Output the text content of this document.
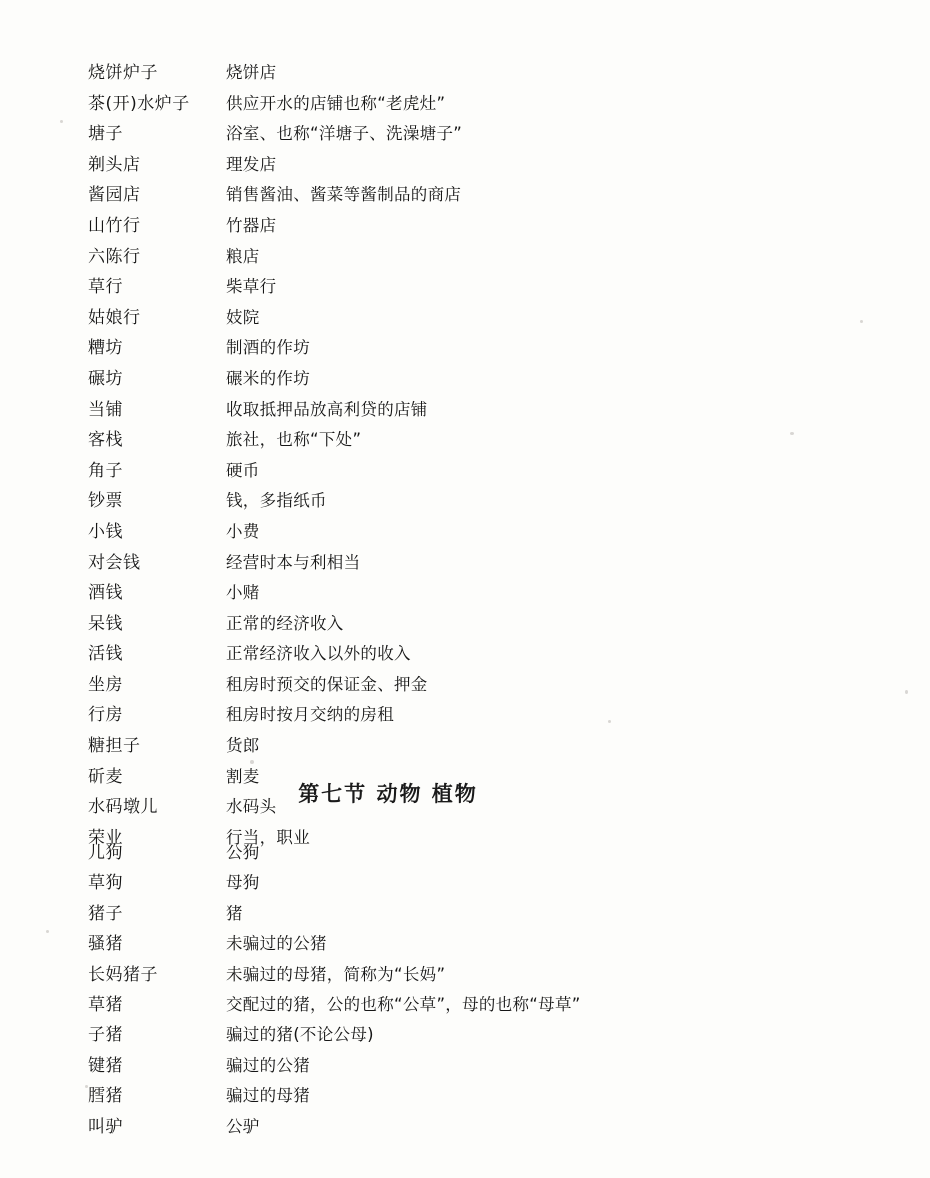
烧饼炉子	烧饼店
茶(开)水炉子	供应开水的店铺也称“老虎灶”
塘子	浴室、也称“洋塘子、洗澡塘子”
剃头店	理发店
酱园店	销售酱油、酱菜等酱制品的商店
山竹行	竹器店
六陈行	粮店
草行	柴草行
姑娘行	妓院
糟坊	制酒的作坊
碾坊	碾米的作坊
当铺	收取抵押品放高利贷的店铺
客栈	旅社，也称“下处”
角子	硬币
钞票	钱，多指纸币
小钱	小费
对会钱	经营时本与利相当
酒钱	小赌
呆钱	正常的经济收入
活钱	正常经济收入以外的收入
坐房	租房时预交的保证金、押金
行房	租房时按月交纳的房租
糖担子	货郎
斫麦	割麦
水码墩儿	水码头
荣业	行当，职业
第七节 动物 植物
儿狗	公狗
草狗	母狗
猪子	猪
骚猪	未骗过的公猪
长妈猪子	未骗过的母猪，简称为“长妈”
草猪	交配过的猪，公的也称“公草”，母的也称“母草”
子猪	骗过的猪(不论公母)
键猪	骗过的公猪
膤猪	骗过的母猪
叫驴	公驴
